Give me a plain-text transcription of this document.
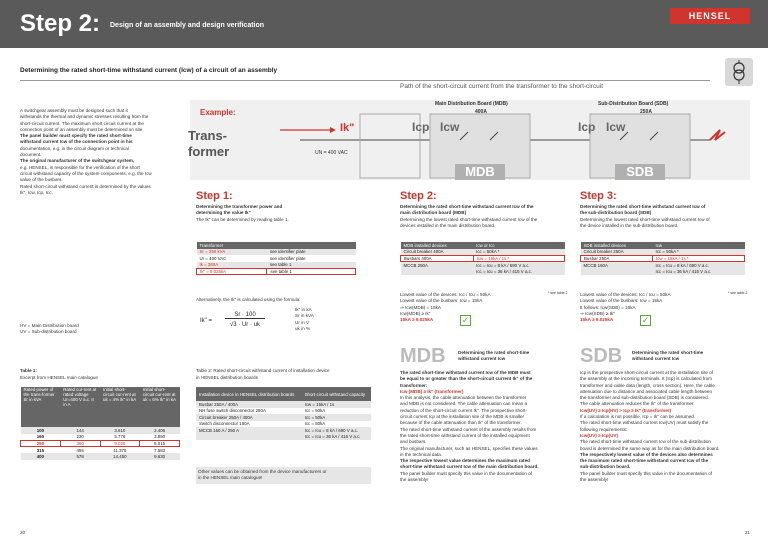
Step 2: Design of an assembly and design verification
HENSEL
Determining the rated short-time withstand current (Icw) of a circuit of an assembly
A switchgear assembly must be designed such that it
withstands the thermal and dynamic stresses resulting from the
short-circuit current. The maximum short circuit current at the
connection point of an assembly must be determined on site.
The panel builder must specify the rated short-time
withstand current Icw of the connection point in his
documentation, e.g. in the circuit diagram or technical
document.
The original manufacturer of the switchgear system,
e.g. HENSEL, is responsible for the verification of the short
circuit withstand capacity of the system components, e.g. the Icw
value of the busbars.
Rated short-circuit withstand current is determined by the values
Ik", Icw, Icp, Icc.
HV = Main Distribution board
UV = Sub-distribution board
Path of the short-circuit current from the transformer to the short-circuit
Example:
Trans-
former
Ik"
UN = 400 VAC
Main Distribution Board (MDB)
400A
Sub-Distribution Board (SDB)
250A
Icp Icw	Icp Icw
MDB	SDB
Step 1:
Determining the transformer power and
determining the value Ik"
The Ik" can be determined by reading table 1.
Transformer	
Sr = 250 kVA	see identifier plate
Ur = 400 VAC	see identifier plate
Ik = 360A	see table 1
Ik" = 9.025kA	see table 1
Alternatively, the Ik" is calculated using the formula:
Ik" =
Sr · 100
√3 · Ur · uk
Ik" in kA
Sr in kVA
Ur in V
uk in %
Step 2:
Determining the rated short-time withstand current Icw of the
main distribution board (MDB)
Determining the lowest rated short-time withstand current Icw of the
devices installed in the main distribution board.
MDB installed devices	Icw or Icc
Circuit breaker 400A	Icc = 50kA *
Busbars 400A	Icw = 15kA / 1s *
MCCB 250A	Icc = Icu = 8 kA / 690 V a.c.
	Icc = Icu = 36 kA / 415 V a.c.
* see table 2
Lowest value of the devices: Icc / Icu = 50kA
Lowest value of the busbars: Icw = 15kA
⇒ Icw(MDB) = 15kA
Icw(MDB) ≥ Ik"
15kA ≥ 9.025kA	✓
Step 3:
Determining the rated short-time withstand current Icw of
the sub-distribution board (SDB)
Determining the lowest rated short-time withstand current Icw of
the device installed in the sub-distribution board.
SDB installed devices	Icw
Circuit breaker 250A	Icc = 50kA *
Busbar 250A	Icw = 15kA / 1s *
MCCB 160A	Icc = Icu = 8 kA / 690 V a.c.
	Icc = Icu = 36 kA / 415 V a.c.
* see table 2
Lowest value of the devices: Icc / Icu = 50kA
Lowest value of the busbars: Icw = 15kA
It follows: Icw(SDB) = 15kA
⇒ Icw(SDB) ≥ Ik"
15kA ≥ 9.025kA	✓
Table 1:
Excerpt from HENSEL main catalogue
Rated power of the trans-former Sr in kVA	Rated cur-rent at rated voltage Ur=400 V a.c. Ir in A	Initial short-circuit cur-rent at uk = 4% Ik" in kA	Initial short-circuit cur-rent at uk = 6% Ik" in kA
100	144	3.610	2.406
160	230	5.776	3.850
250	360	9.025	6.015
315	455	11.375	7.583
400	578	14.450	9.630
Table 2: Rated short-circuit withstand current of installation device
in HENSEL distribution boards
Installation device in HENSEL distribution boards	Short-circuit withstand capacity
Busbar 250A / 400A	Icw = 15kA / 1s
NH fuse switch disconnector 250A	Icc = 50kA
Circuit breaker 250A / 400A	Icc = 50kA
Switch disconnector 160A	Icc = 50kA
MCCB 160 A / 250 A	Icc = Icu = 8 kA / 690 V a.c.
	Icc = Icu = 36 kA / 415 V a.c.
Other values can be obtained from the device manufacturers or
in the HENSEL main catalogue!
MDB	Determining the rated short-time
withstand current Icw
The rated short-time withstand current Icw of the MDB must
be equal to or greater than the short-circuit current Ik" of the
transformer:
Icw (MDB) ≥ Ik" (transformer)
In this analysis, the cable attenuation between the transformer
and MDB is not considered. The cable attenuation can mean a
reduction of the short-circuit current Ik". The prospective short-
circuit current Icp at the installation site of the MDB is smaller
because of the cable attenuation than Ik" of the transformer.
The rated short-time withstand current of the assembly results from
the rated short-time withstand current of the installed equipment
and busbars.
The original manufacturer, such as HENSEL, specifies these values
in the technical data.
The respective lowest value determines the maximum rated
short-time withstand current Icw of the main distribution board.
The panel builder must specify this value in the documentation of
the assembly!
SDB Determining the rated short-time
withstand current Icw
Icp is the prospective short-circuit current at the installation site of
the assembly at the incoming terminals. It (Icp) is calculated from
transformer and cable data (length, cross section). Here, the cable
attenuation due to distance and associated cable length between
the transformer and sub-distribution board (SDB) is considered.
The cable attenuation reduces the Ik" of the transformer.
Icw(UV) ≥ Icp(HV) > Icp ≥ Ik" (transformer)
If a calculation is not possible, Icp = Ik" can be assumed.
The rated short-time withstand current Icw(UV) must satisfy the
following requirements:
Icw(UV) ≥ Icp(UV)
The rated short-time withstand current Icw of the sub-distribution
board is determined the same way as for the main distribution board.
The respectively lowest value of the devices also determines
the maximum rated short-time withstand current Icw of the
sub-distribution board.
The panel builder must specify this value in the documentation of
the assembly!
20	21
